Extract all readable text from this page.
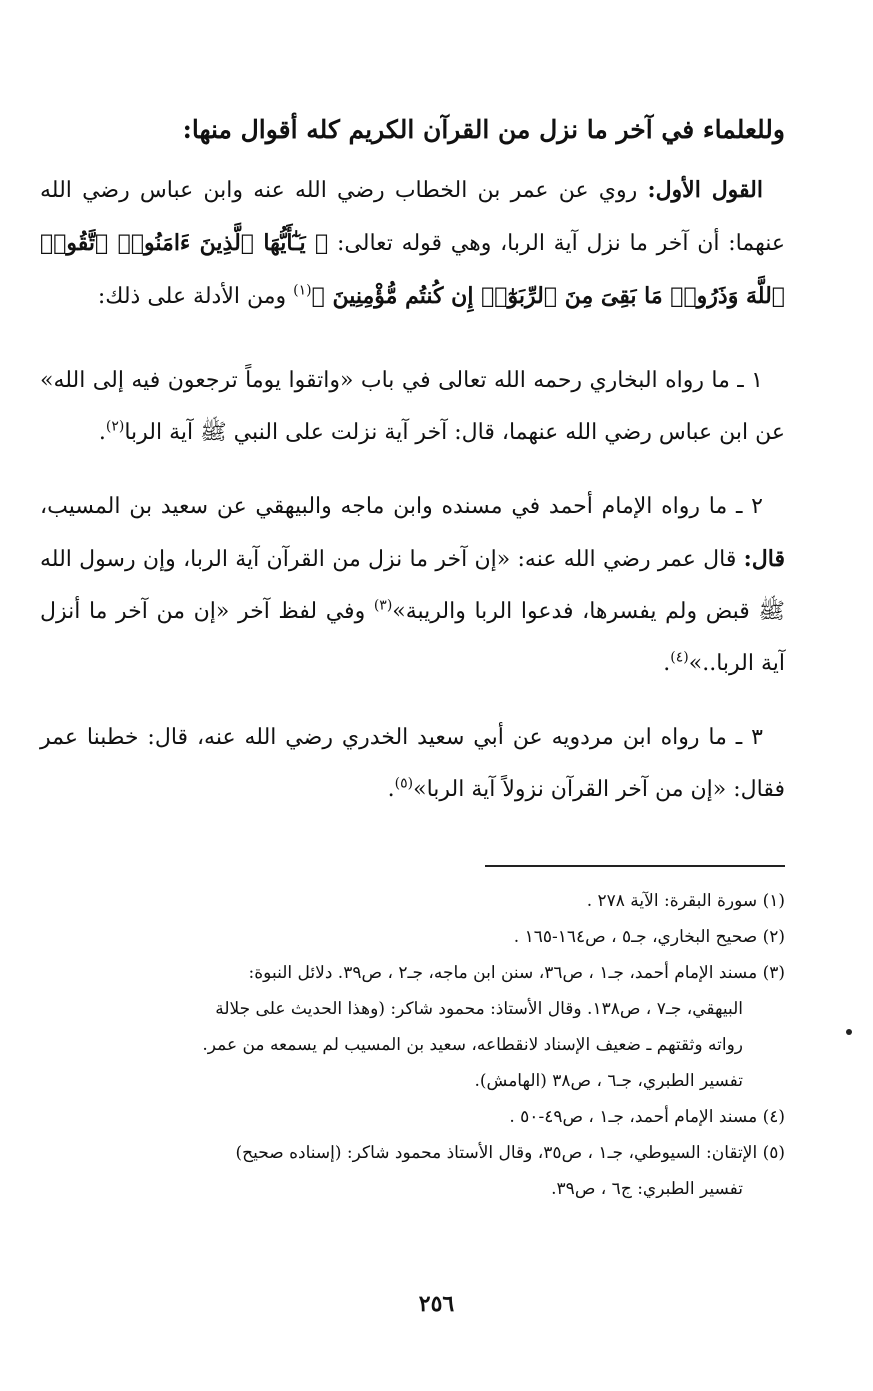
وللعلماء في آخر ما نزل من القرآن الكريم كله أقوال منها:

القول الأول: روي عن عمر بن الخطاب رضي الله عنه وابن عباس رضي الله عنهما: أن آخر ما نزل آية الربا، وهي قوله تعالى: ﴿ يَـٰٓأَيُّهَا ٱلَّذِينَ ءَامَنُوا۟ ٱتَّقُوا۟ ٱللَّهَ وَذَرُوا۟ مَا بَقِىَ مِنَ ٱلرِّبَوٰٓا۟ إِن كُنتُم مُّؤْمِنِينَ ﴾$^{(١)}$ ومن الأدلة على ذلك:

١ ـ ما رواه البخاري رحمه الله تعالى في باب «واتقوا يوماً ترجعون فيه إلى الله» عن ابن عباس رضي الله عنهما، قال: آخر آية نزلت على النبي ﷺ آية الربا$^{(٢)}$.

٢ ـ ما رواه الإمام أحمد في مسنده وابن ماجه والبيهقي عن سعيد بن المسيب، قال: قال عمر رضي الله عنه: «إن آخر ما نزل من القرآن آية الربا، وإن رسول الله ﷺ قبض ولم يفسرها، فدعوا الربا والريبة»$^{(٣)}$ وفي لفظ آخر «إن من آخر ما أنزل آية الربا..»$^{(٤)}$.

٣ ـ ما رواه ابن مردويه عن أبي سعيد الخدري رضي الله عنه، قال: خطبنا عمر فقال: «إن من آخر القرآن نزولاً آية الربا»$^{(٥)}$.

(١) سورة البقرة: الآية ٢٧٨ .

(٢) صحيح البخاري، جـ٥ ، ص١٦٤-١٦٥ .

(٣) مسند الإمام أحمد، جـ١ ، ص٣٦، سنن ابن ماجه، جـ٢ ، ص٣٩. دلائل النبوة:

البيهقي، جـ٧ ، ص١٣٨. وقال الأستاذ: محمود شاكر: (وهذا الحديث على جلالة

رواته وثقتهم ـ ضعيف الإسناد لانقطاعه، سعيد بن المسيب لم يسمعه من عمر.

تفسير الطبري، جـ٦ ، ص٣٨ (الهامش).

(٤) مسند الإمام أحمد، جـ١ ، ص٤٩-٥٠ .

(٥) الإتقان: السيوطي، جـ١ ، ص٣٥، وقال الأستاذ محمود شاكر: (إسناده صحيح)

تفسير الطبري: ج٦ ، ص٣٩.

٢٥٦
